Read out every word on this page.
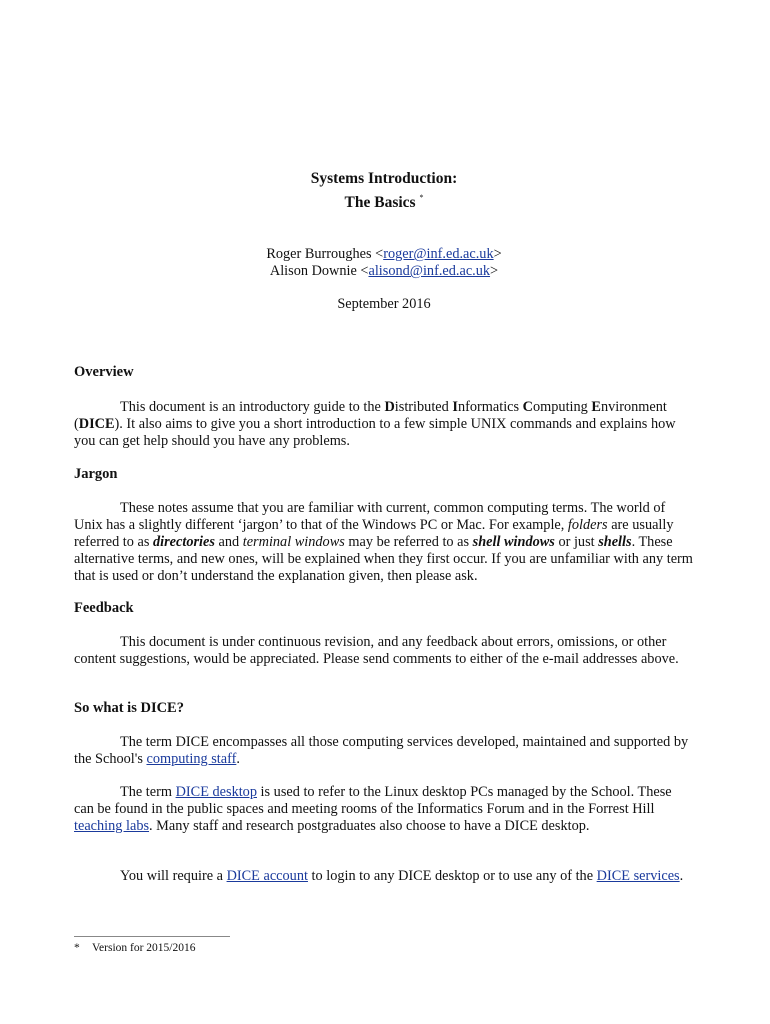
Systems Introduction:
The Basics *
Roger Burroughes <roger@inf.ed.ac.uk>
Alison Downie <alisond@inf.ed.ac.uk>
September 2016
Overview

This document is an introductory guide to the Distributed Informatics Computing Environment (DICE). It also aims to give you a short introduction to a few simple UNIX commands and explains how you can get help should you have any problems.

Jargon

These notes assume that you are familiar with current, common computing terms. The world of Unix has a slightly different ‘jargon’ to that of the Windows PC or Mac. For example, folders are usually referred to as directories and terminal windows may be referred to as shell windows or just shells. These alternative terms, and new ones, will be explained when they first occur. If you are unfamiliar with any term that is used or don’t understand the explanation given, then please ask.

Feedback

This document is under continuous revision, and any feedback about errors, omissions, or other content suggestions, would be appreciated. Please send comments to either of the e-mail addresses above.

So what is DICE?

The term DICE encompasses all those computing services developed, maintained and supported by the School's computing staff.

The term DICE desktop is used to refer to the Linux desktop PCs managed by the School. These can be found in the public spaces and meeting rooms of the Informatics Forum and in the Forrest Hill teaching labs. Many staff and research postgraduates also choose to have a DICE desktop.

You will require a DICE account to login to any DICE desktop or to use any of the DICE services.

* Version for 2015/2016
